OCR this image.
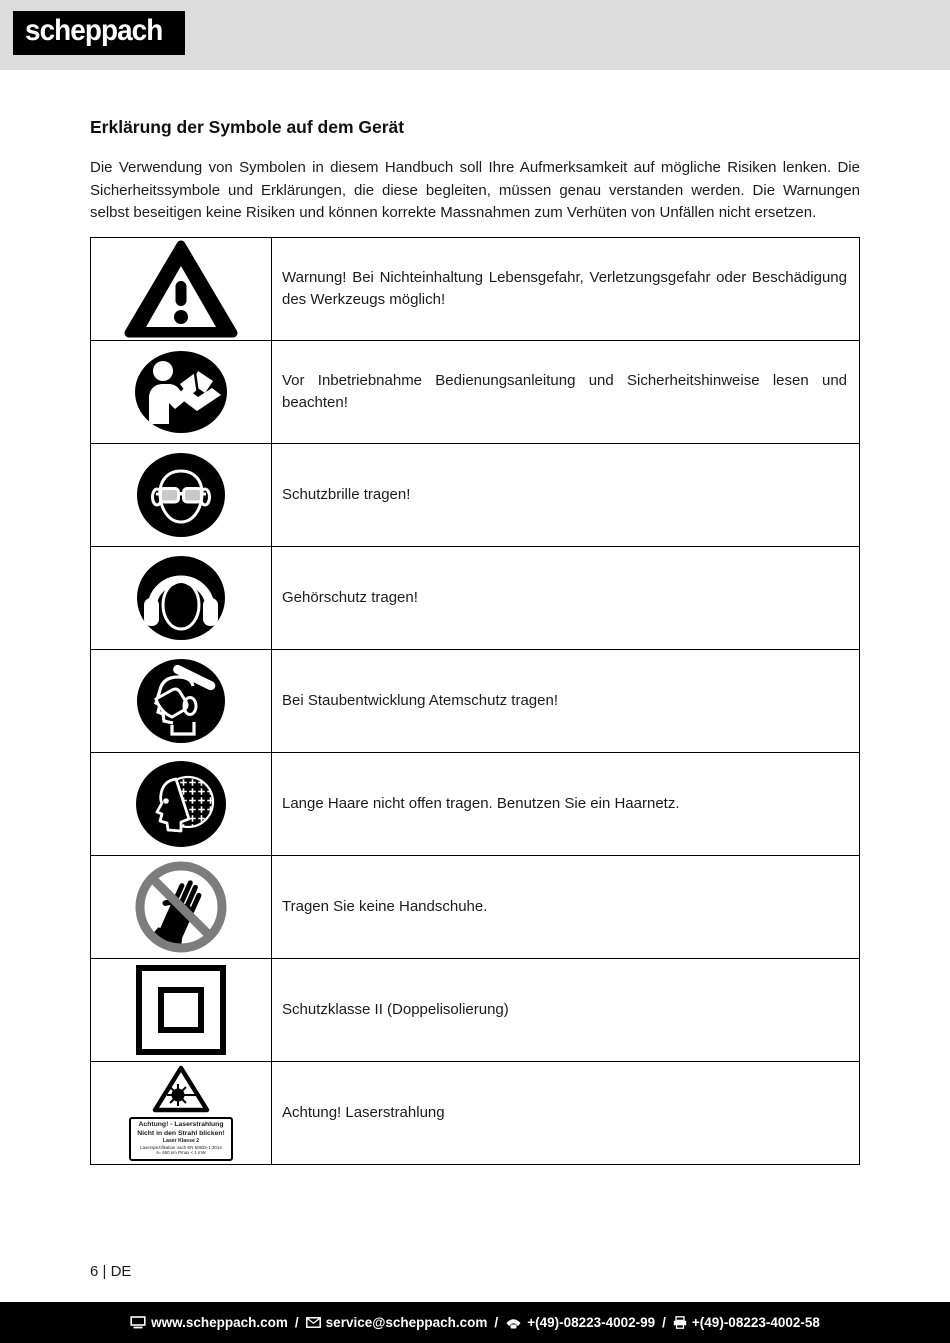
scheppach
Erklärung der Symbole auf dem Gerät

Die Verwendung von Symbolen in diesem Handbuch soll Ihre Aufmerksamkeit auf mögliche Risiken lenken. Die Sicherheitssymbole und Erklärungen, die diese begleiten, müssen genau verstanden werden. Die Warnungen selbst beseitigen keine Risiken und können korrekte Massnahmen zum Verhüten von Unfällen nicht ersetzen.

Warnung! Bei Nichteinhaltung Lebensgefahr, Verletzungsgefahr oder Beschädigung des Werkzeugs möglich!

Vor Inbetriebnahme Bedienungsanleitung und Sicherheitshinweise lesen und beachten!

Schutzbrille tragen!

Gehörschutz tragen!

Bei Staubentwicklung Atemschutz tragen!

Lange Haare nicht offen tragen. Benutzen Sie ein Haarnetz.

Tragen Sie keine Handschuhe.

Schutzklasse II (Doppelisolierung)

Achtung! - Laserstrahlung
Nicht in den Strahl blicken!
Laser Klasse 2
Laserspezifikation nach EN 60825-1:2014
λ= 650 nm Pmax < 1 mW	Achtung! Laserstrahlung

6 | DE
www.scheppach.com / service@scheppach.com / +(49)-08223-4002-99 / +(49)-08223-4002-58
